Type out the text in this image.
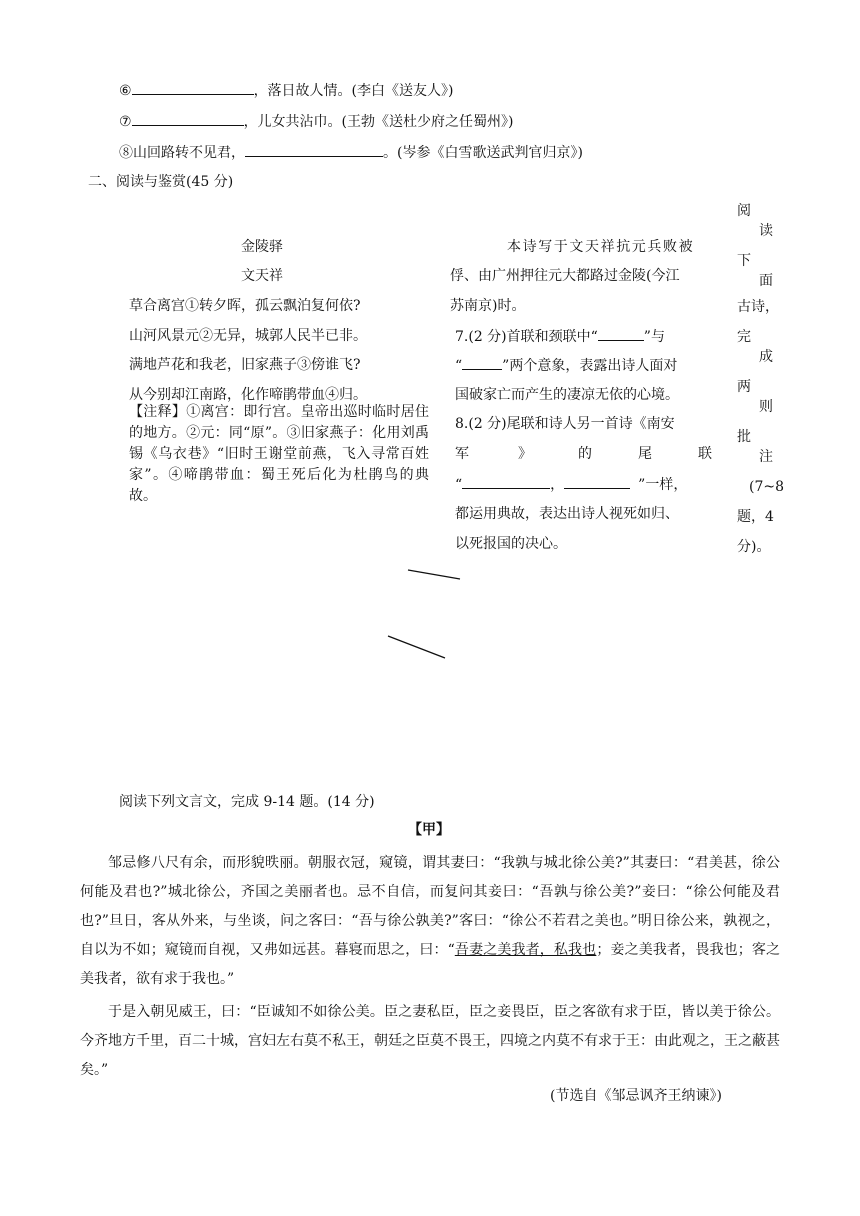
⑥	，落日故人情。(李白《送友人》)
⑦	，儿女共沾巾。(王勃《送杜少府之任蜀州》)
⑧山回路转不见君，	。(岑参《白雪歌送武判官归京》)
二、阅读与鉴赏(45 分)
阅
读
下
面
古诗，
完
成
两
则
批
注
(7~8
题，4
分)。
金陵驿
文天祥
草合离宫①转夕晖，孤云飘泊复何依?
山河风景元②无异，城郭人民半已非。
满地芦花和我老，旧家燕子③傍谁飞?
从今别却江南路，化作啼鹃带血④归。
【注释】①离宫：即行宫。皇帝出巡时临时居住的地方。②元：同“原”。③旧家燕子：化用刘禹锡《乌衣巷》“旧时王谢堂前燕，飞入寻常百姓家”。④啼鹃带血：蜀王死后化为杜鹃鸟的典故。
本诗写于文天祥抗元兵败被
俘、由广州押往元大都路过金陵(今江
苏南京)时。
7.(2 分)首联和颈联中“	”与
“	”两个意象，表露出诗人面对
国破家亡而产生的凄凉无依的心境。
8.(2 分)尾联和诗人另一首诗《南安
军	》	的	尾	联
“	，	”一样，
都运用典故，表达出诗人视死如归、
以死报国的决心。
阅读下列文言文，完成 9-14 题。(14 分)
【甲】
邹忌修八尺有余，而形貌昳丽。朝服衣冠，窥镜，谓其妻曰：“我孰与城北徐公美?”其妻曰：“君美甚，徐公何能及君也?”城北徐公，齐国之美丽者也。忌不自信，而复问其妾曰：“吾孰与徐公美?”妾曰：“徐公何能及君也?”旦日，客从外来，与坐谈，问之客曰：“吾与徐公孰美?”客曰：“徐公不若君之美也。”明日徐公来，孰视之，自以为不如；窥镜而自视，又弗如远甚。暮寝而思之，曰：“吾妻之美我者，私我也；妾之美我者，畏我也；客之美我者，欲有求于我也。”
于是入朝见威王，曰：“臣诚知不如徐公美。臣之妻私臣，臣之妾畏臣，臣之客欲有求于臣，皆以美于徐公。今齐地方千里，百二十城，宫妇左右莫不私王，朝廷之臣莫不畏王，四境之内莫不有求于王：由此观之，王之蔽甚矣。”
(节选自《邹忌讽齐王纳谏》)
